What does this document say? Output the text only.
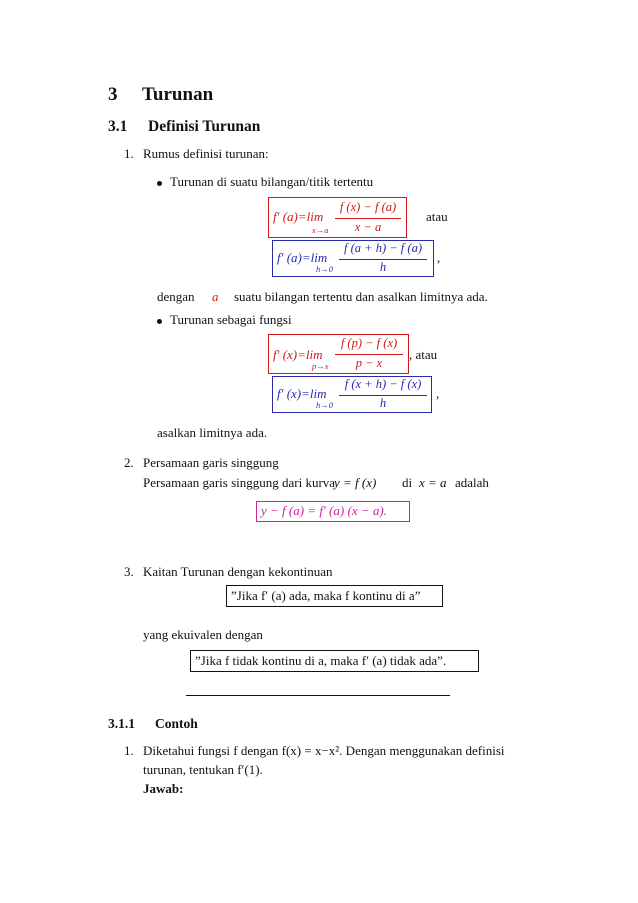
3 Turunan
3.1 Definisi Turunan
1. Rumus definisi turunan:
Turunan di suatu bilangan/titik tertentu
f′ (a)=lim
x→a
f (x) − f (a)
x − a
atau
f′ (a)=lim
h→0
f (a + h) − f (a)
h
,
dengan a suatu bilangan tertentu dan asalkan limitnya ada.
Turunan sebagai fungsi
f′ (x)=lim
p→x
f (p) − f (x)
p − x
, atau
f′ (x)=lim
h→0
f (x + h) − f (x)
h
,
asalkan limitnya ada.
2. Persamaan garis singgung
Persamaan garis singgung dari kurva
y = f (x) di x = a adalah
y − f (a) = f′ (a) (x − a).
3. Kaitan Turunan dengan kekontinuan
”Jika f′ (a) ada, maka f kontinu di a”
yang ekuivalen dengan
”Jika f tidak kontinu di a, maka f′ (a) tidak ada”.
3.1.1 Contoh
1. Diketahui fungsi f dengan f(x) = x−x². Dengan menggunakan definisi
turunan, tentukan f′(1).
Jawab:
